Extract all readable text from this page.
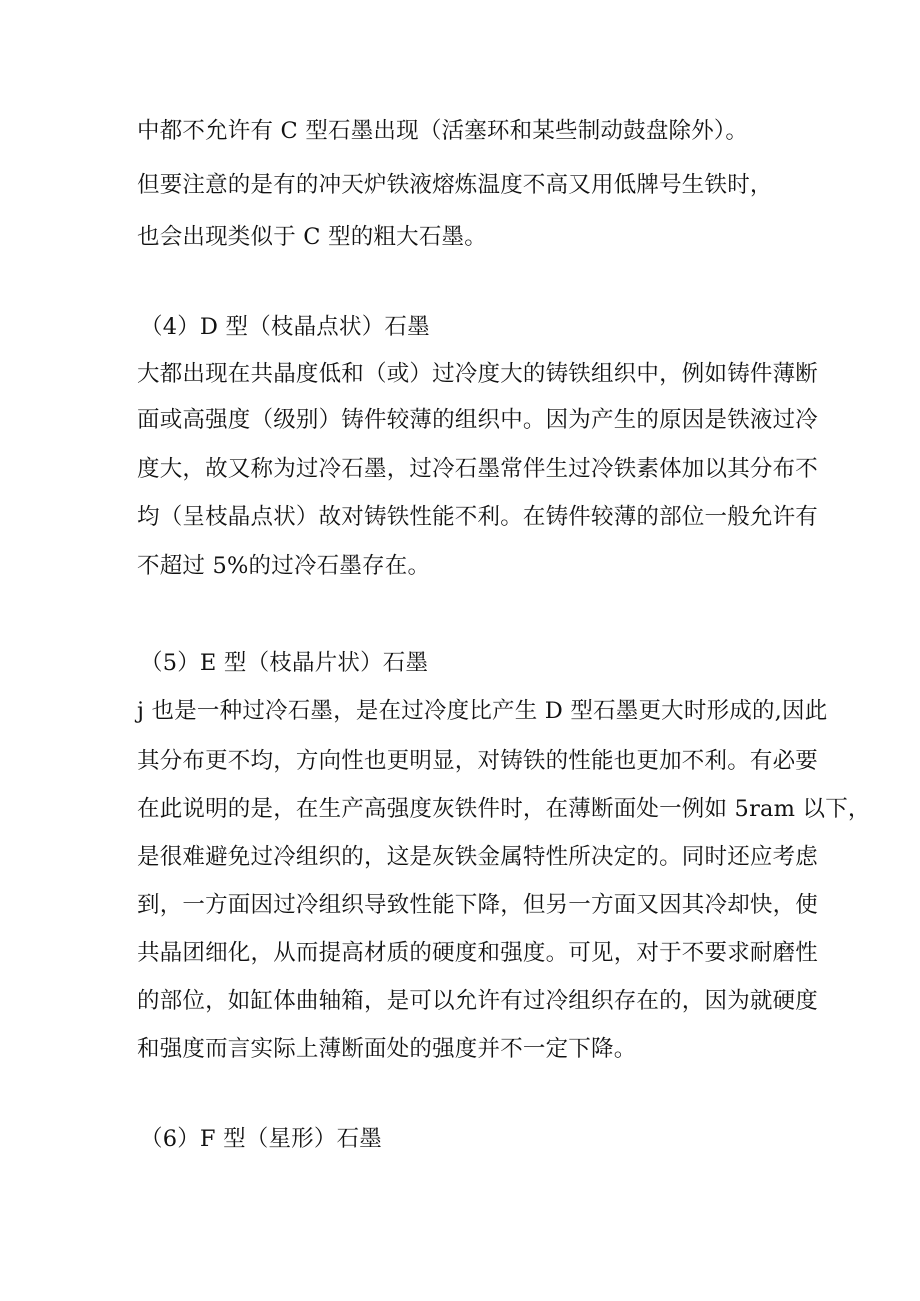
中都不允许有 C 型石墨出现（活塞环和某些制动鼓盘除外）。
但要注意的是有的冲天炉铁液熔炼温度不高又用低牌号生铁时，
也会出现类似于 C 型的粗大石墨。
（4）D 型（枝晶点状）石墨
大都出现在共晶度低和（或）过冷度大的铸铁组织中，例如铸件薄断
面或高强度（级别）铸件较薄的组织中。因为产生的原因是铁液过冷
度大，故又称为过冷石墨，过冷石墨常伴生过冷铁素体加以其分布不
均（呈枝晶点状）故对铸铁性能不利。在铸件较薄的部位一般允许有
不超过 5%的过冷石墨存在。
（5）E 型（枝晶片状）石墨
j 也是一种过冷石墨，是在过冷度比产生 D 型石墨更大时形成的,因此
其分布更不均，方向性也更明显，对铸铁的性能也更加不利。有必要
在此说明的是，在生产高强度灰铁件时，在薄断面处一例如 5ram 以下，
是很难避免过冷组织的，这是灰铁金属特性所决定的。同时还应考虑
到，一方面因过冷组织导致性能下降，但另一方面又因其冷却快，使
共晶团细化，从而提高材质的硬度和强度。可见，对于不要求耐磨性
的部位，如缸体曲轴箱，是可以允许有过冷组织存在的，因为就硬度
和强度而言实际上薄断面处的强度并不一定下降。
（6）F 型（星形）石墨
